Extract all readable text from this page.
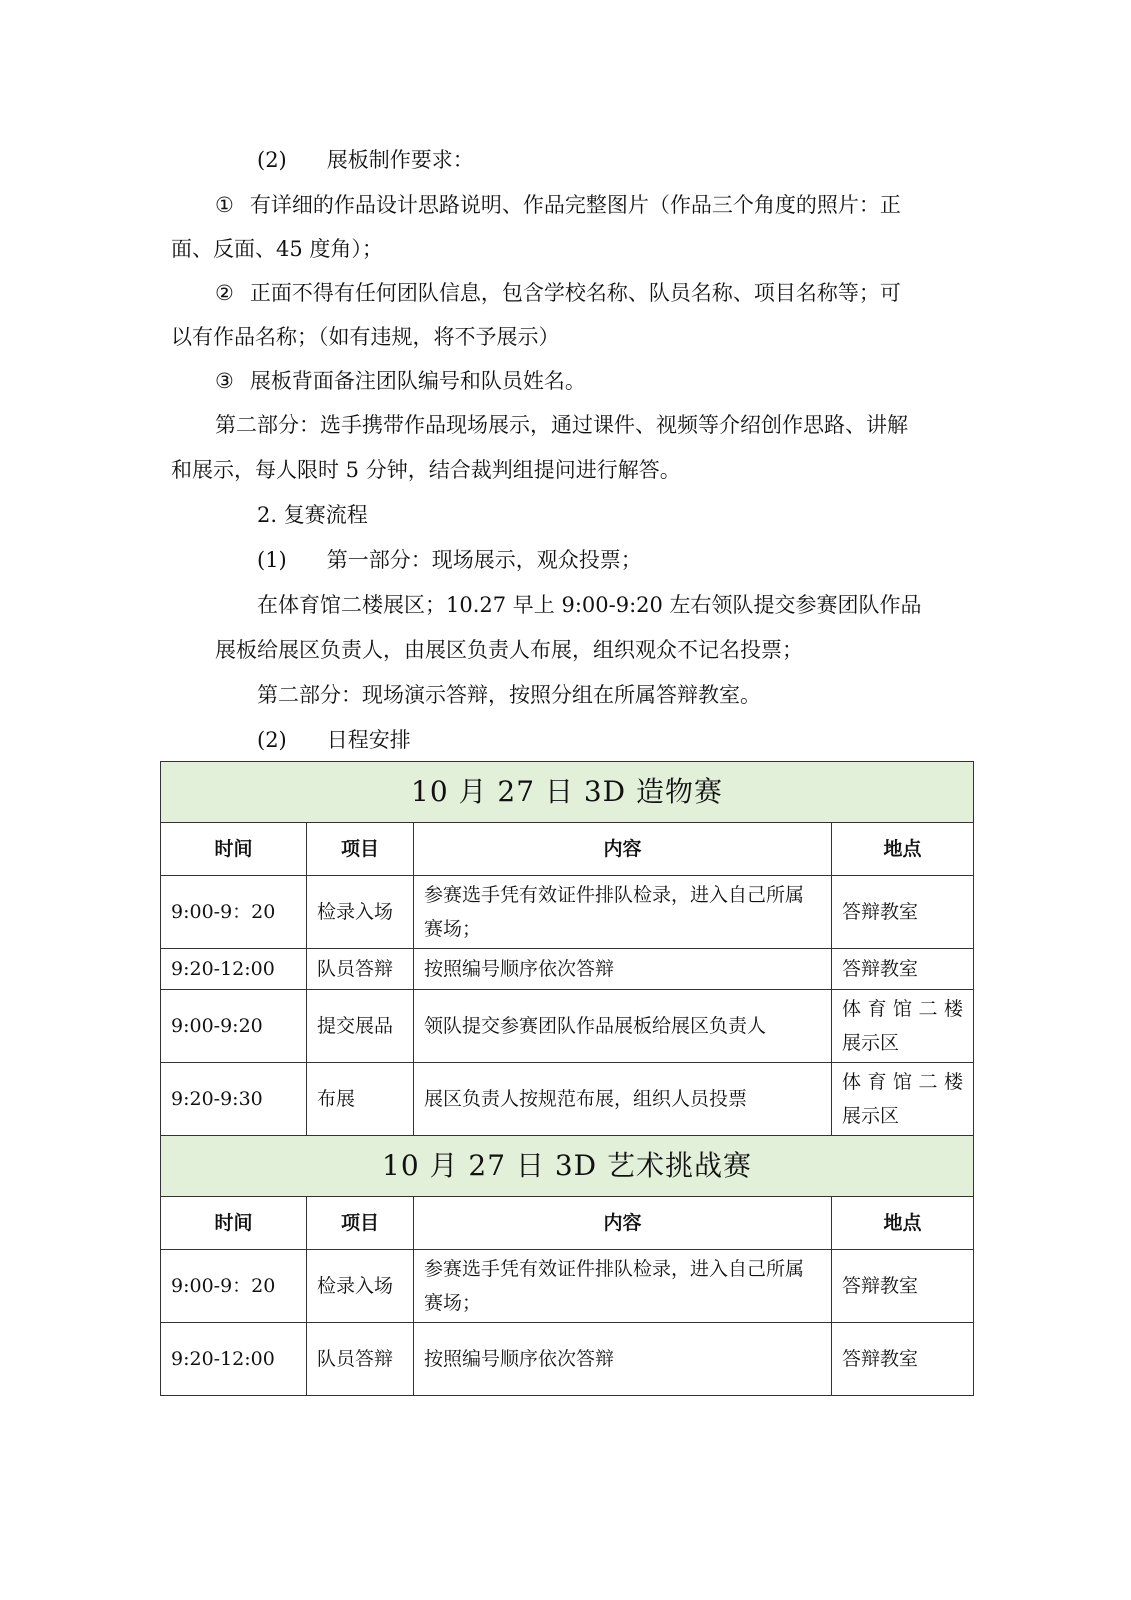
(2) 展板制作要求：
① 有详细的作品设计思路说明、作品完整图片（作品三个角度的照片：正
面、反面、45 度角）；
② 正面不得有任何团队信息，包含学校名称、队员名称、项目名称等；可
以有作品名称；（如有违规，将不予展示）
③ 展板背面备注团队编号和队员姓名。
第二部分：选手携带作品现场展示，通过课件、视频等介绍创作思路、讲解
和展示，每人限时 5 分钟，结合裁判组提问进行解答。
2. 复赛流程
(1) 第一部分：现场展示，观众投票；
在体育馆二楼展区；10.27 早上 9:00-9:20 左右领队提交参赛团队作品
展板给展区负责人，由展区负责人布展，组织观众不记名投票；
第二部分：现场演示答辩，按照分组在所属答辩教室。
(2) 日程安排
10 月 27 日 3D 造物赛			
时间	项目	内容	地点
9:00-9：20	检录入场	参赛选手凭有效证件排队检录，进入自己所属赛场；	答辩教室
9:20-12:00	队员答辩	按照编号顺序依次答辩	答辩教室
9:00-9:20	提交展品	领队提交参赛团队作品展板给展区负责人	体育馆二楼
展示区

9:20-9:30	布展	展区负责人按规范布展，组织人员投票	体育馆二楼
展示区

10 月 27 日 3D 艺术挑战赛			
时间	项目	内容	地点
9:00-9：20	检录入场	参赛选手凭有效证件排队检录，进入自己所属赛场；	答辩教室
9:20-12:00	队员答辩	按照编号顺序依次答辩	答辩教室
